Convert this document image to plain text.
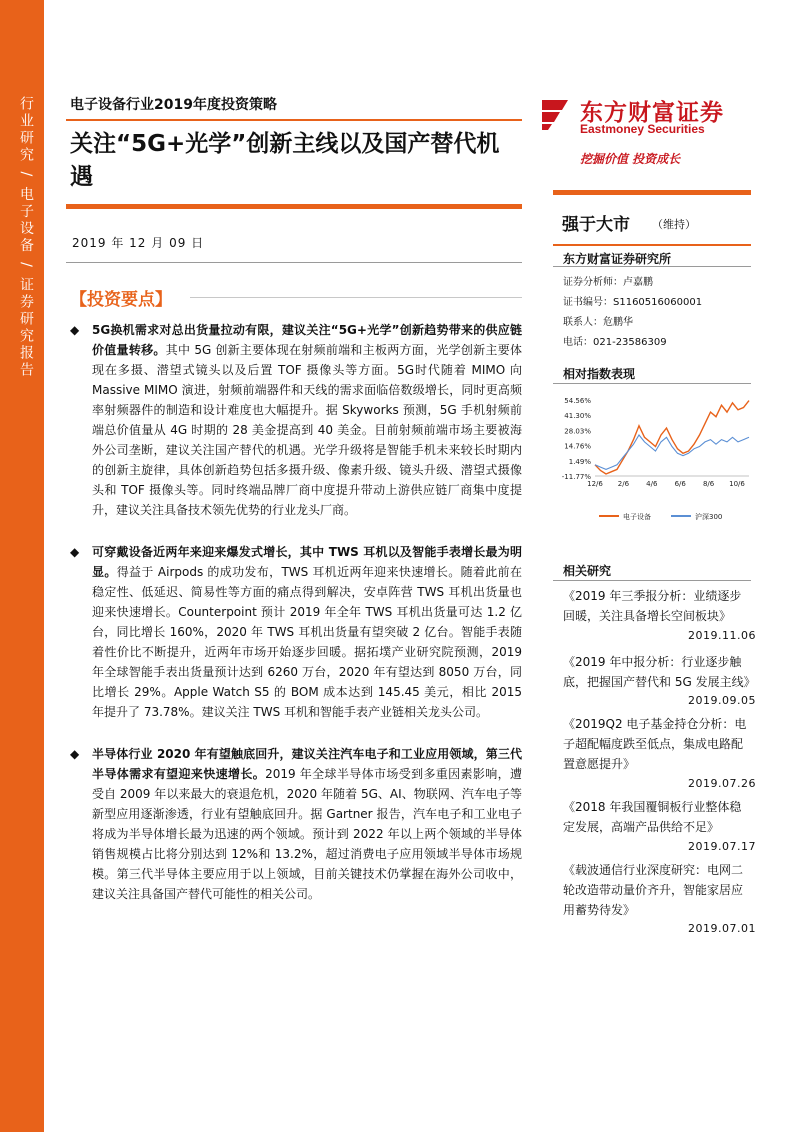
行业研究 / 电子设备 / 证券研究报告	电子设备行业2019年度投资策略
关注“5G+光学”创新主线以及国产替代机遇
2019 年 12 月 09 日
【投资要点】
◆ 5G换机需求对总出货量拉动有限，建议关注“5G+光学”创新趋势带来的供应链价值量转移。其中 5G 创新主要体现在射频前端和主板两方面，光学创新主要体现在多摄、潜望式镜头以及后置 TOF 摄像头等方面。5G时代随着 MIMO 向 Massive MIMO 演进，射频前端器件和天线的需求面临倍数级增长，同时更高频率射频器件的制造和设计难度也大幅提升。据 Skyworks 预测，5G 手机射频前端总价值量从 4G 时期的 28 美金提高到 40 美金。目前射频前端市场主要被海外公司垄断，建议关注国产替代的机遇。光学升级将是智能手机未来较长时期内的创新主旋律，具体创新趋势包括多摄升级、像素升级、镜头升级、潜望式摄像头和 TOF 摄像头等。同时终端品牌厂商中度提升带动上游供应链厂商集中度提升，建议关注具备技术领先优势的行业龙头厂商。
◆ 可穿戴设备近两年来迎来爆发式增长，其中 TWS 耳机以及智能手表增长最为明显。得益于 Airpods 的成功发布，TWS 耳机近两年迎来快速增长。随着此前在稳定性、低延迟、简易性等方面的痛点得到解决，安卓阵营 TWS 耳机出货量也迎来快速增长。Counterpoint 预计 2019 年全年 TWS 耳机出货量可达 1.2 亿台，同比增长 160%，2020 年 TWS 耳机出货量有望突破 2 亿台。智能手表随着性价比不断提升，近两年市场开始逐步回暖。据拓墣产业研究院预测，2019 年全球智能手表出货量预计达到 6260 万台，2020 年有望达到 8050 万台，同比增长 29%。Apple Watch S5 的 BOM 成本达到 145.45 美元，相比 2015 年提升了 73.78%。建议关注 TWS 耳机和智能手表产业链相关龙头公司。
◆ 半导体行业 2020 年有望触底回升，建议关注汽车电子和工业应用领域，第三代半导体需求有望迎来快速增长。2019 年全球半导体市场受到多重因素影响，遭受自 2009 年以来最大的衰退危机，2020 年随着 5G、AI、物联网、汽车电子等新型应用逐渐渗透，行业有望触底回升。据 Gartner 报告，汽车电子和工业电子将成为半导体增长最为迅速的两个领域。预计到 2022 年以上两个领域的半导体销售规模占比将分别达到 12%和 13.2%，超过消费电子应用领域半导体市场规模。第三代半导体主要应用于以上领域，目前关键技术仍掌握在海外公司收中，建议关注具备国产替代可能性的相关公司。
东方财富证券
Eastmoney Securities
挖掘价值 投资成长
强于大市 （维持）
东方财富证券研究所
证券分析师：卢嘉鹏
证书编号：S1160516060001
联系人：危鹏华
电话：021-23586309
相对指数表现
54.56%
41.30%
28.03%
14.76%
1.49%
-11.77%
12/6 2/6 4/6 6/6 8/6 10/6
电子设备	沪深300
相关研究
《2019 年三季报分析：业绩逐步回暖，关注具备增长空间板块》
2019.11.06
《2019 年中报分析：行业逐步触底，把握国产替代和 5G 发展主线》
2019.09.05
《2019Q2 电子基金持仓分析：电子超配幅度跌至低点，集成电路配置意愿提升》
2019.07.26
《2018 年我国覆铜板行业整体稳定发展，高端产品供给不足》
2019.07.17
《载波通信行业深度研究：电网二轮改造带动量价齐升，智能家居应用蓄势待发》
2019.07.01
